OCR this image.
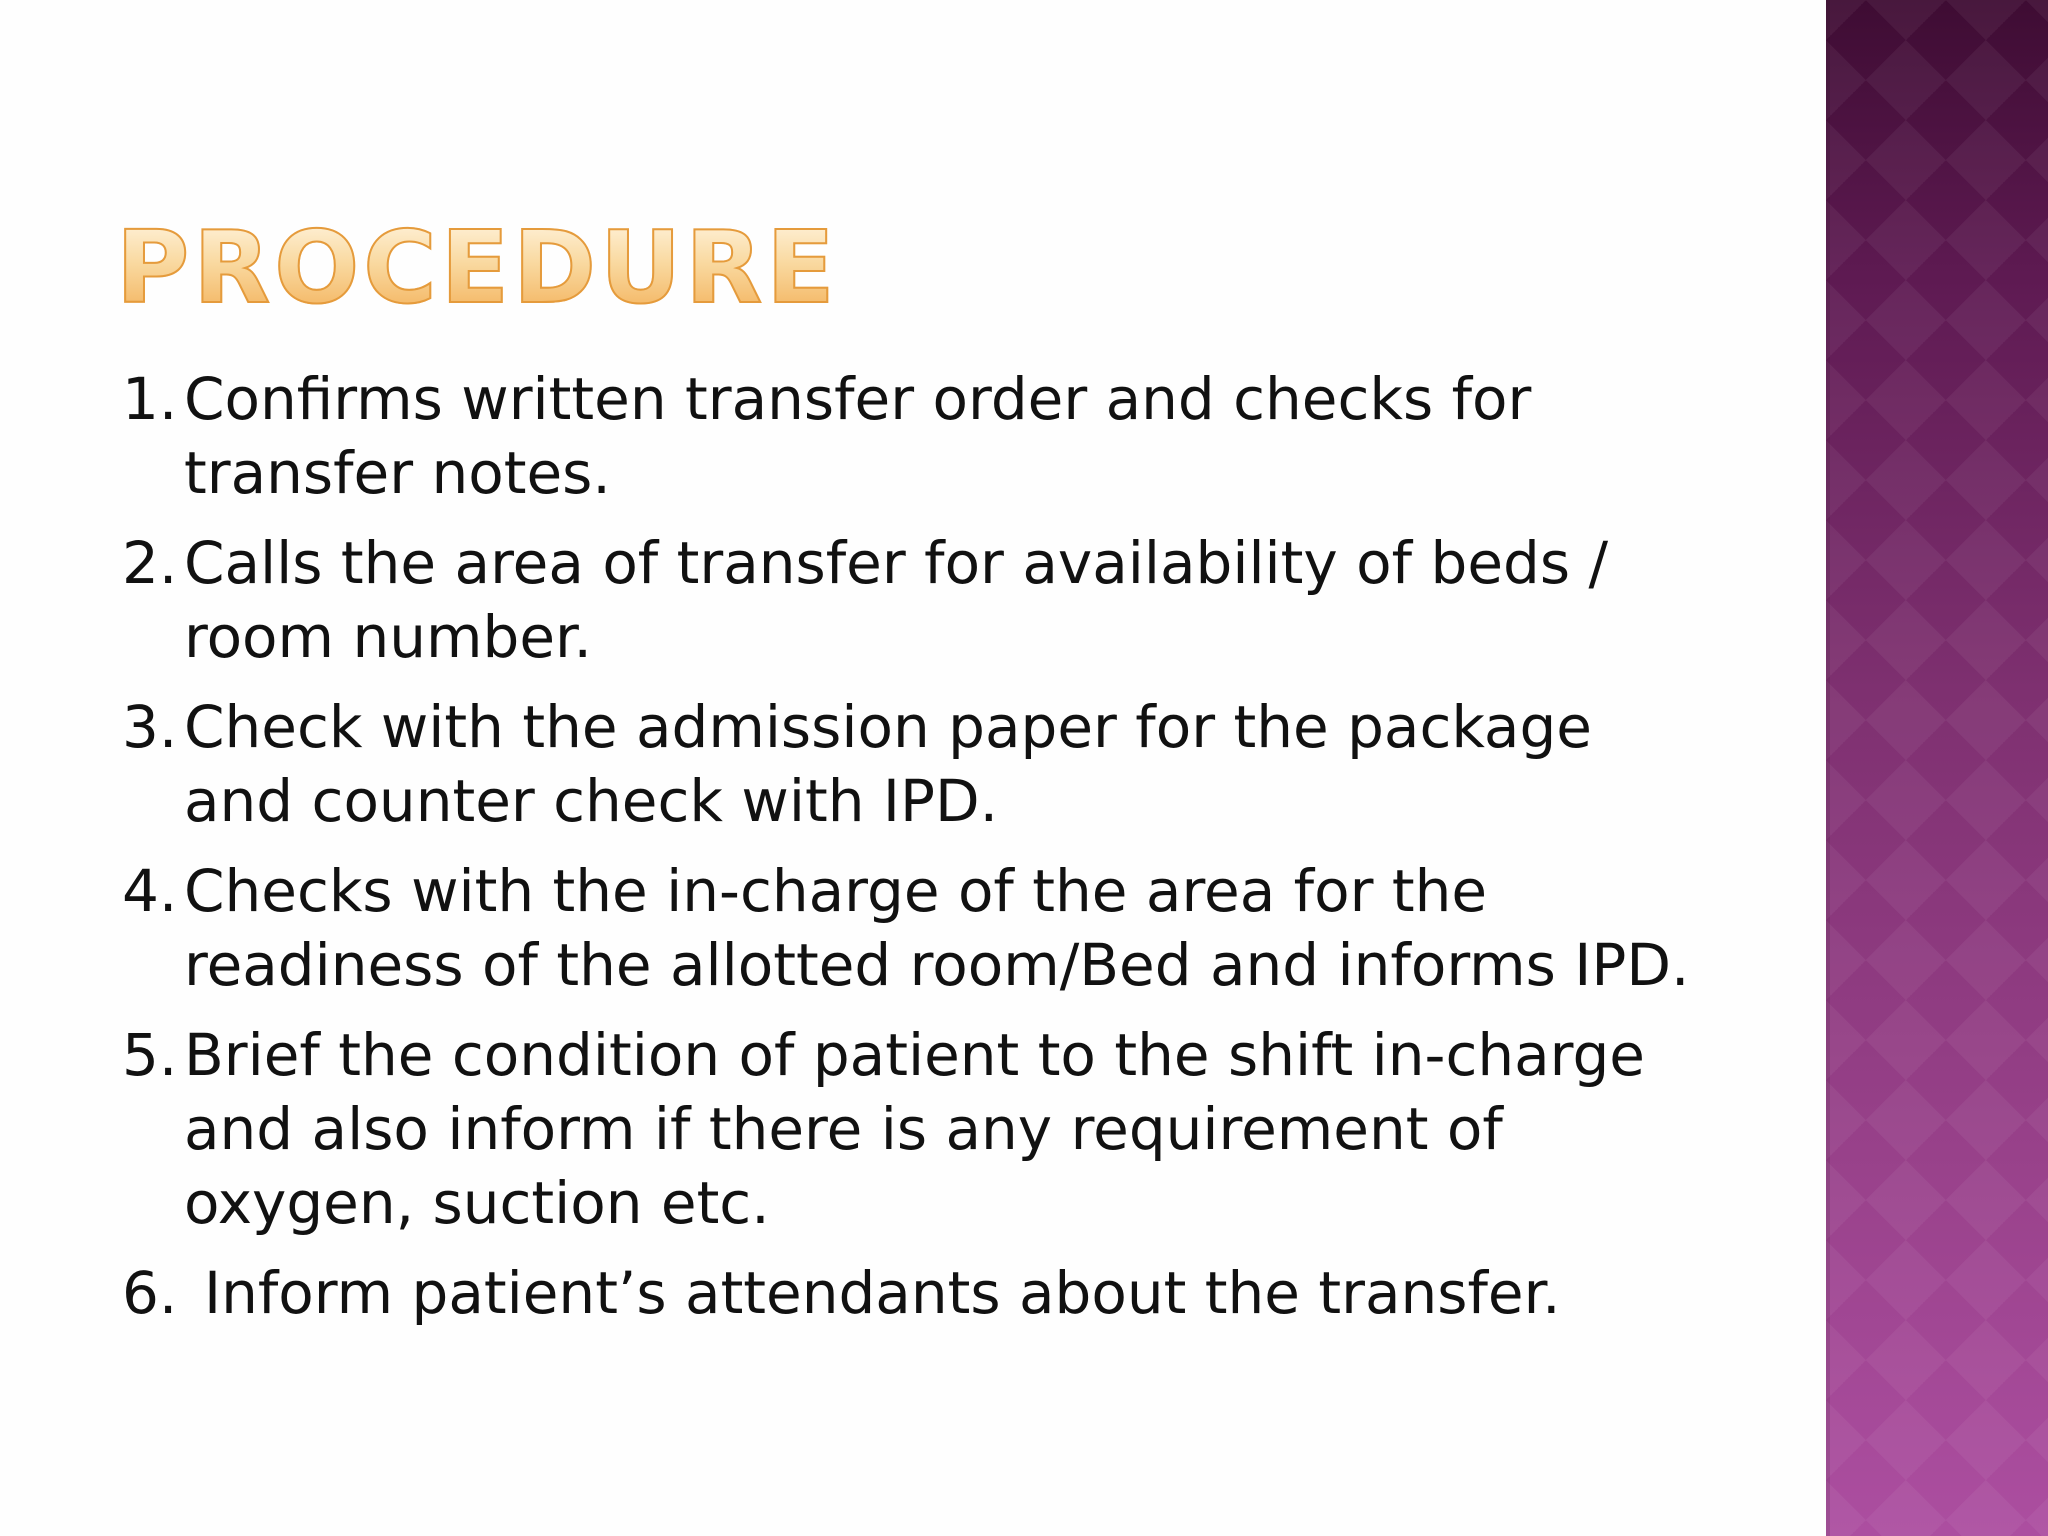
PROCEDURE
1. Confirms written transfer order and checks for transfer notes.
2. Calls the area of transfer for availability of beds / room number.
3. Check with the admission paper for the package and counter check with IPD.
4. Checks with the in-charge of the area for the readiness of the allotted room/Bed and informs IPD.
5. Brief the condition of patient to the shift in-charge and also inform if there is any requirement of oxygen, suction etc.
6. Inform patient’s attendants about the transfer.
